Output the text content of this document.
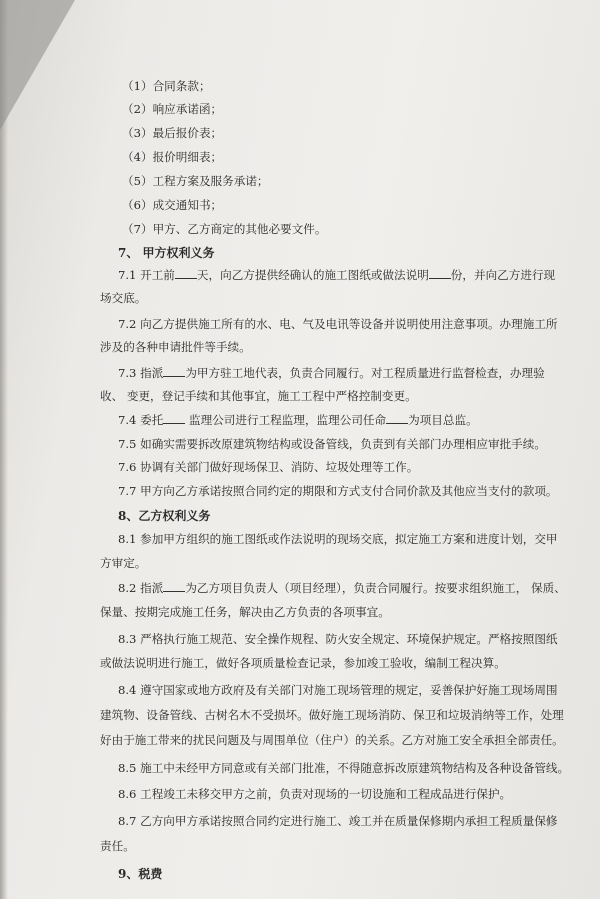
（1）合同条款；
（2）响应承诺函；
（3）最后报价表；
（4）报价明细表；
（5）工程方案及服务承诺；
（6）成交通知书；
（7）甲方、乙方商定的其他必要文件。
7、 甲方权利义务
7.1 开工前 天，向乙方提供经确认的施工图纸或做法说明 份，并向乙方进行现
场交底。
7.2 向乙方提供施工所有的水、电、气及电讯等设备并说明使用注意事项。办理施工所
涉及的各种申请批件等手续。
7.3 指派 为甲方驻工地代表，负责合同履行。对工程质量进行监督检查，办理验
收、 变更，登记手续和其他事宜，施工工程中严格控制变更。
7.4 委托 监理公司进行工程监理，监理公司任命 为项目总监。
7.5 如确实需要拆改原建筑物结构或设备管线，负责到有关部门办理相应审批手续。
7.6 协调有关部门做好现场保卫、消防、垃圾处理等工作。
7.7 甲方向乙方承诺按照合同约定的期限和方式支付合同价款及其他应当支付的款项。
8、乙方权利义务
8.1 参加甲方组织的施工图纸或作法说明的现场交底，拟定施工方案和进度计划，交甲
方审定。
8.2 指派 为乙方项目负责人（项目经理），负责合同履行。按要求组织施工， 保质、
保量、按期完成施工任务，解决由乙方负责的各项事宜。
8.3 严格执行施工规范、安全操作规程、防火安全规定、环境保护规定。严格按照图纸
或做法说明进行施工，做好各项质量检查记录，参加竣工验收，编制工程决算。
8.4 遵守国家或地方政府及有关部门对施工现场管理的规定，妥善保护好施工现场周围
建筑物、设备管线、古树名木不受损坏。做好施工现场消防、保卫和垃圾消纳等工作，处理
好由于施工带来的扰民问题及与周围单位（住户）的关系。乙方对施工安全承担全部责任。
8.5 施工中未经甲方同意或有关部门批准，不得随意拆改原建筑物结构及各种设备管线。
8.6 工程竣工未移交甲方之前，负责对现场的一切设施和工程成品进行保护。
8.7 乙方向甲方承诺按照合同约定进行施工、竣工并在质量保修期内承担工程质量保修
责任。
9、税费
